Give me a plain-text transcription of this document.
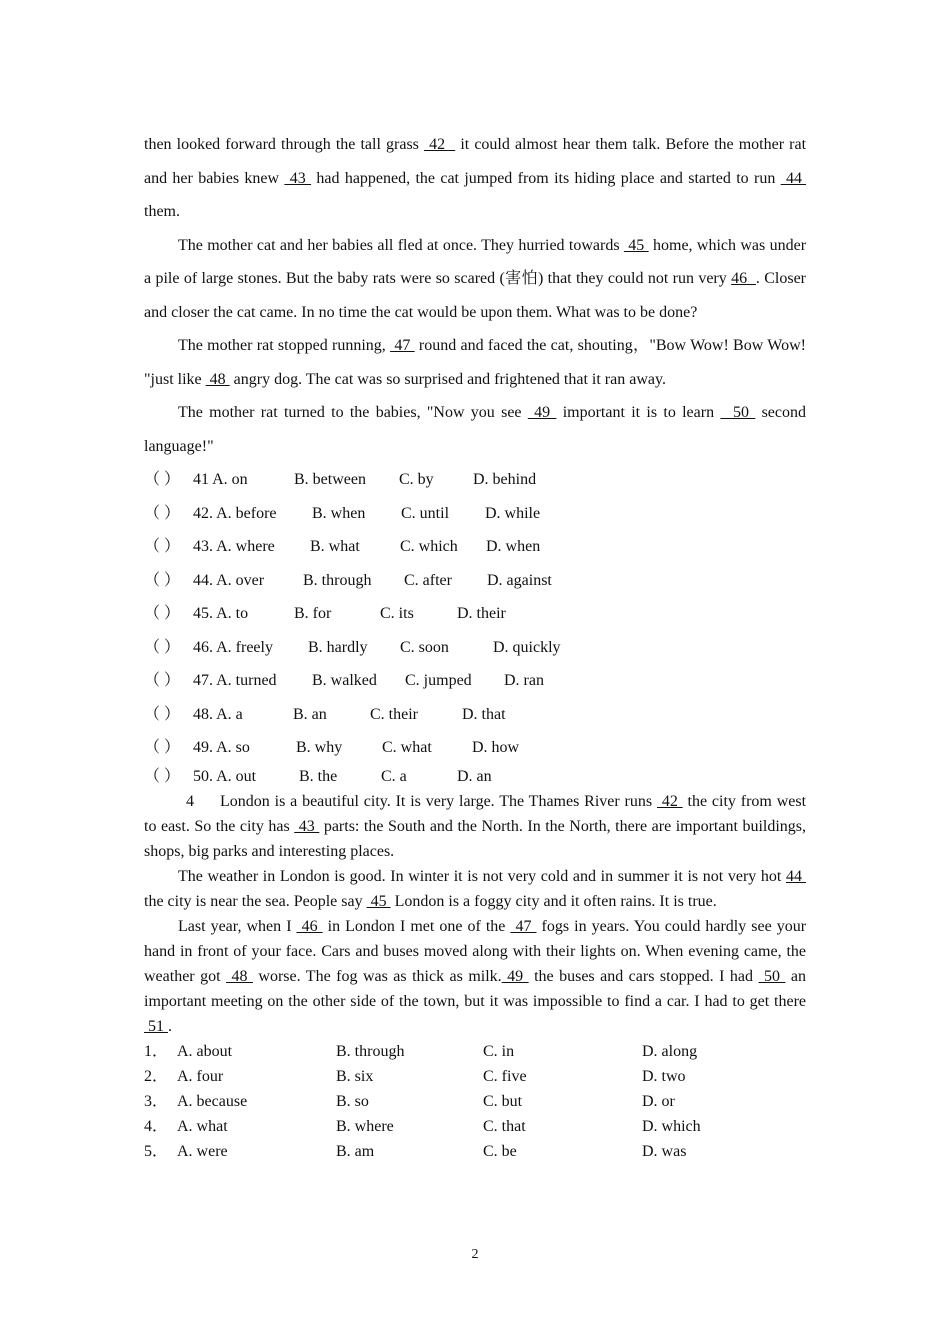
then looked forward through the tall grass  42   it could almost hear them talk. Before the mother rat and her babies knew  43  had happened, the cat jumped from its hiding place and started to run  44  them.

The mother cat and her babies all fled at once. They hurried towards  45  home, which was under a pile of large stones. But the baby rats were so scared (害怕) that they could not run very 46  . Closer and closer the cat came. In no time the cat would be upon them. What was to be done?

The mother rat stopped running,  47  round and faced the cat, shouting，"Bow Wow! Bow Wow! "just like  48  angry dog. The cat was so surprised and frightened that it ran away.

The mother rat turned to the babies, "Now you see  49  important it is to learn   50  second language!"

（ ） 41 A. on	B. between C. by D. behind
（ ） 42. A. before B. when C. until D. while
（ ） 43. A. where B. what	C. which D. when
（ ） 44. A. over B. through C. after D. against
（ ） 45. A. to	B. for	C. its	D. their
（ ） 46. A. freely B. hardly C. soon	D. quickly
（ ） 47. A. turned B. walked C. jumped D. ran
（ ） 48. A. a	B. an	C. their	D. that
（ ） 49. A. so	B. why C. what	D. how
（ ） 50. A. out	B. the	C. a	D. an

4 London is a beautiful city. It is very large. The Thames River runs  42  the city from west to east. So the city has  43  parts: the South and the North. In the North, there are important buildings, shops, big parks and interesting places.

The weather in London is good. In winter it is not very cold and in summer it is not very hot 44  the city is near the sea. People say  45  London is a foggy city and it often rains. It is true.

Last year, when I  46  in London I met one of the  47  fogs in years. You could hardly see your hand in front of your face. Cars and buses moved along with their lights on. When evening came, the weather got  48  worse. The fog was as thick as milk. 49  the buses and cars stopped. I had  50  an important meeting on the other side of the town, but it was impossible to find a car. I had to get there  51 .

1． A. about	B. through	C. in	D. along
2． A. four	B. six	C. five	D. two
3． A. because	B. so	C. but	D. or
4． A. what	B. where	C. that	D. which
5． A. were	B. am	C. be	D. was
2
